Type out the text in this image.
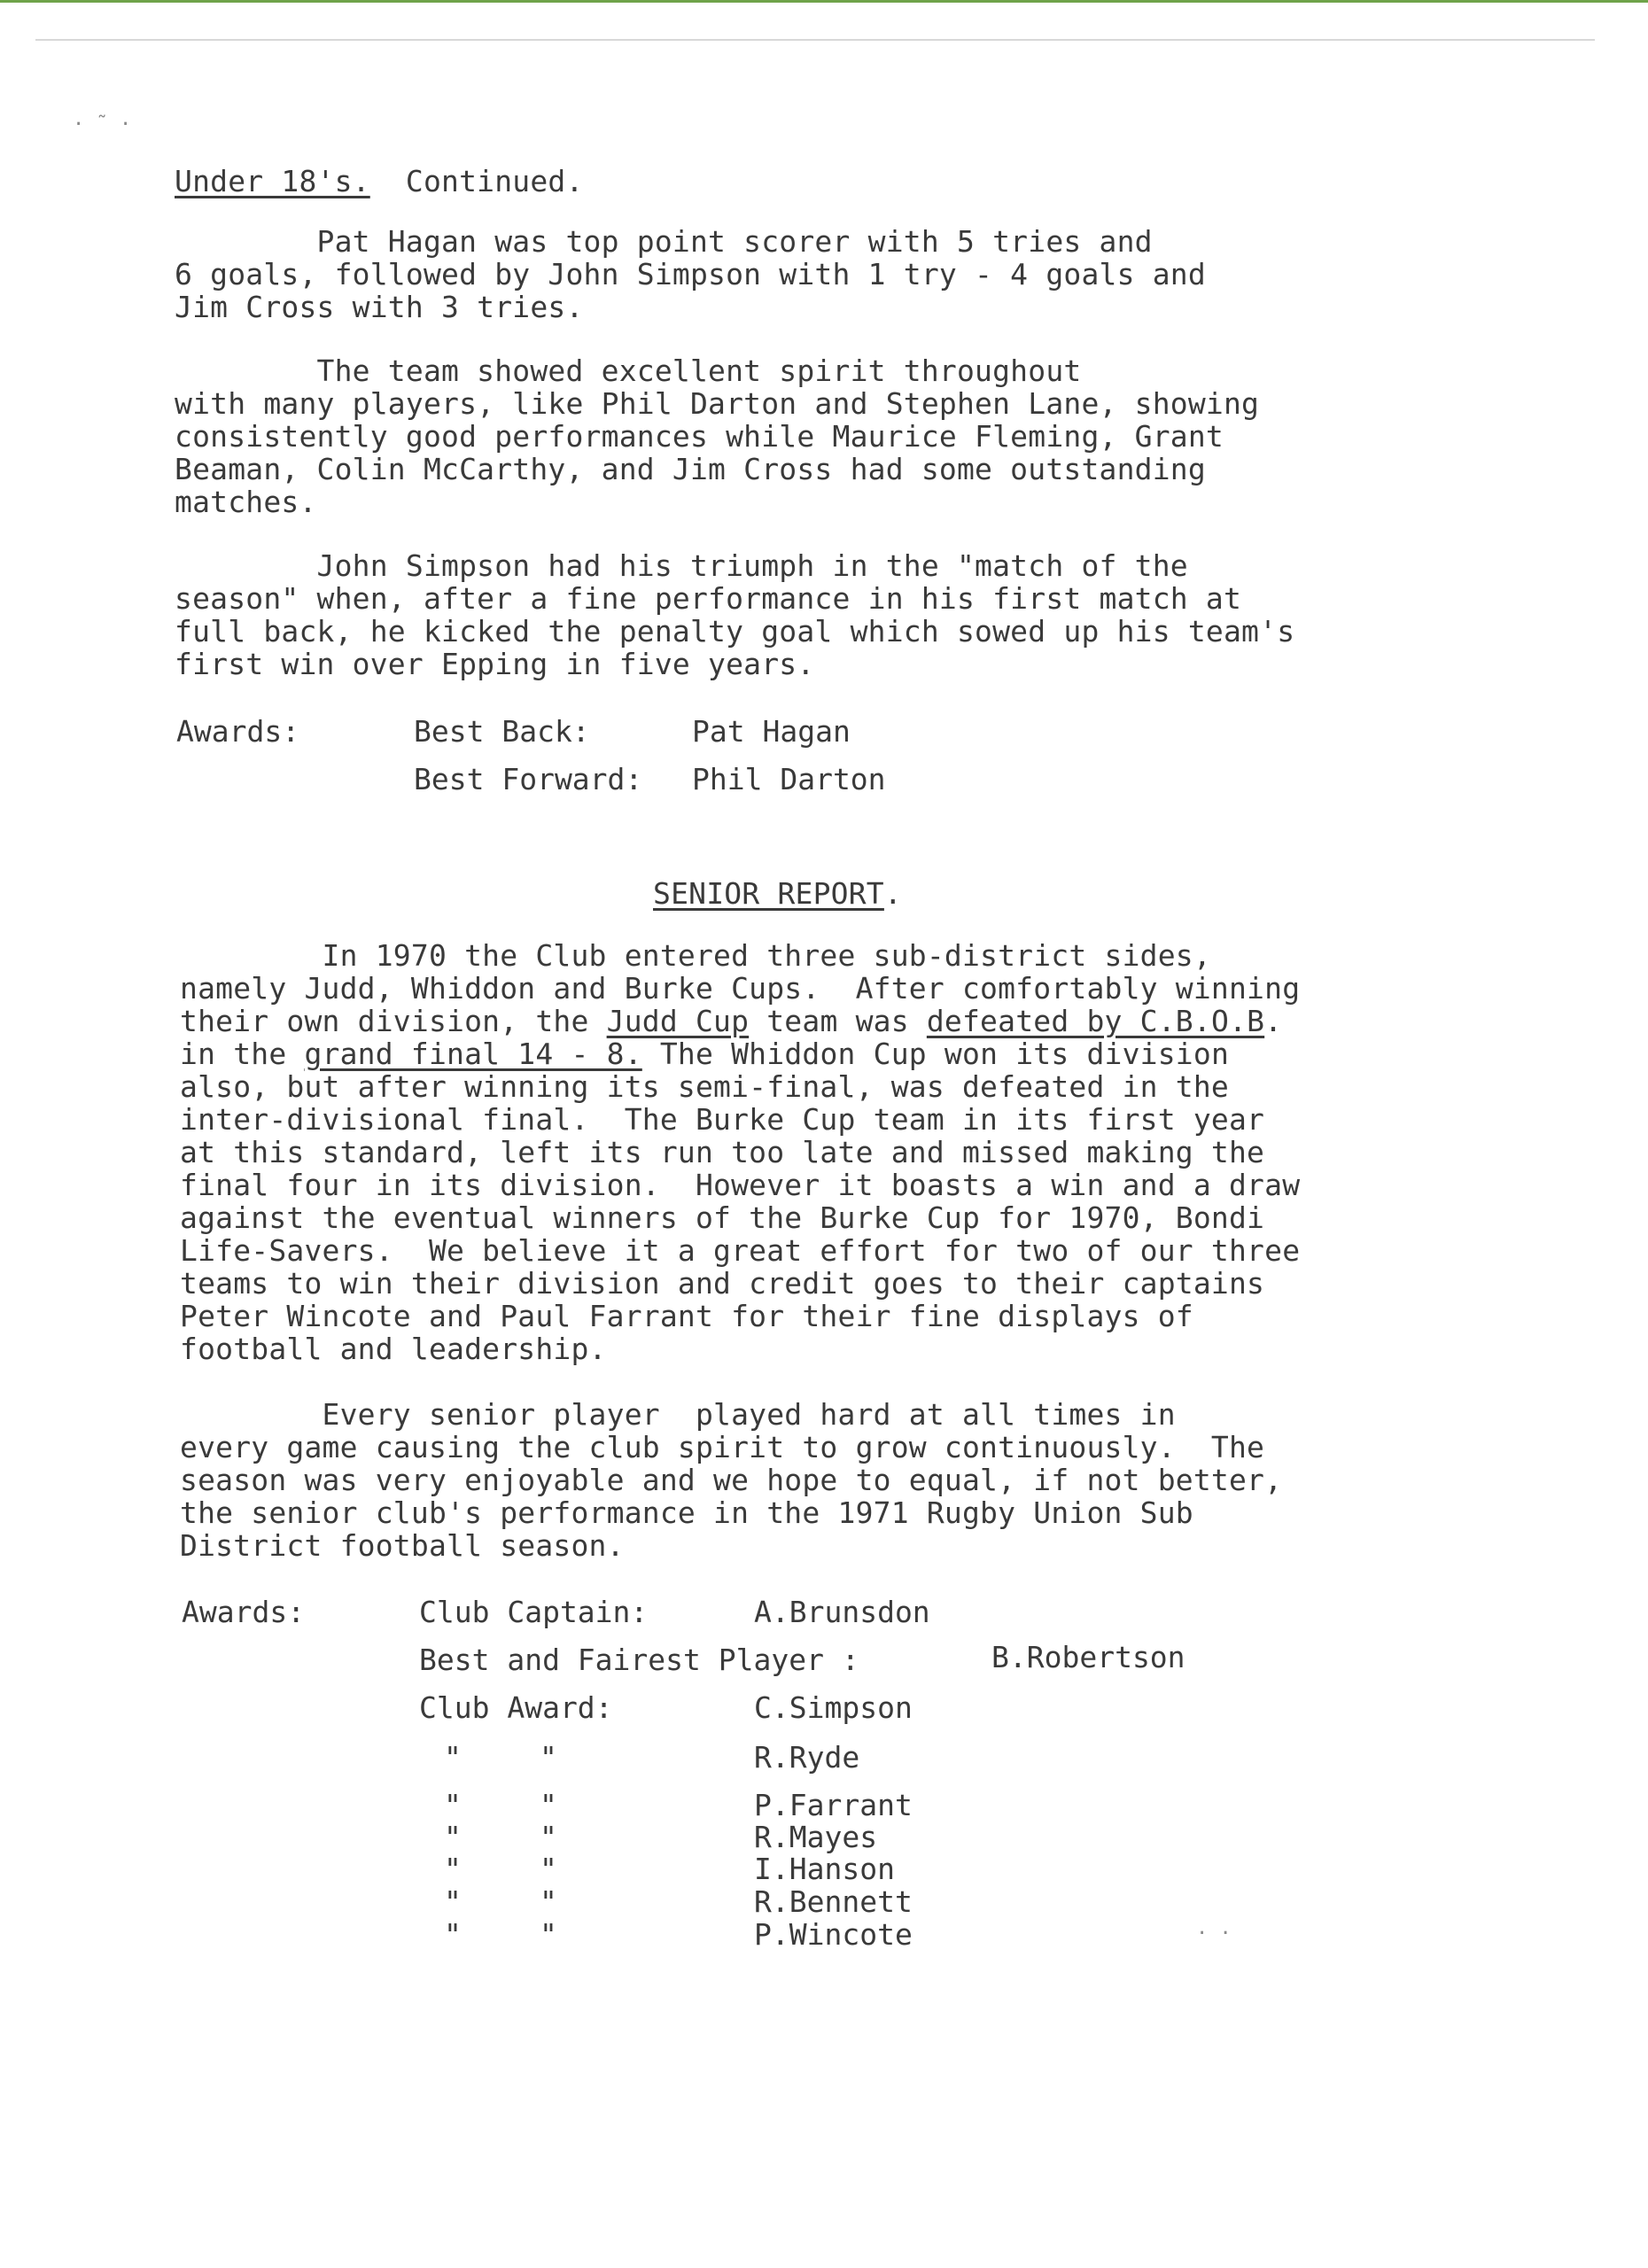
· ˜ ·
· ·
Under 18's. Continued.
Pat Hagan was top point scorer with 5 tries and
6 goals, followed by John Simpson with 1 try - 4 goals and
Jim Cross with 3 tries.
The team showed excellent spirit throughout
with many players, like Phil Darton and Stephen Lane, showing
consistently good performances while Maurice Fleming, Grant
Beaman, Colin McCarthy, and Jim Cross had some outstanding
matches.
John Simpson had his triumph in the "match of the
season" when, after a fine performance in his first match at
full back, he kicked the penalty goal which sowed up his team's
first win over Epping in five years.
Awards:	Best Back:	Pat Hagan
Best Forward: Phil Darton
SENIOR REPORT.
In 1970 the Club entered three sub-district sides,
namely Judd, Whiddon and Burke Cups.  After comfortably winning
their own division, the Judd Cup team was defeated by C.B.O.B.
in the grand final 14 - 8. The Whiddon Cup won its division
also, but after winning its semi-final, was defeated in the
inter-divisional final.  The Burke Cup team in its first year
at this standard, left its run too late and missed making the
final four in its division.  However it boasts a win and a draw
against the eventual winners of the Burke Cup for 1970, Bondi
Life-Savers.  We believe it a great effort for two of our three
teams to win their division and credit goes to their captains
Peter Wincote and Paul Farrant for their fine displays of
football and leadership.
Every senior player  played hard at all times in
every game causing the club spirit to grow continuously.  The
season was very enjoyable and we hope to equal, if not better,
the senior club's performance in the 1971 Rugby Union Sub
District football season.
Awards:	Club Captain:	A.Brunsdon
Best and Fairest Player :	B.Robertson
Club Award:	C.Simpson
"	"	R.Ryde
"	"	P.Farrant
"	"	R.Mayes
"	"	I.Hanson
"	"	R.Bennett
"	"	P.Wincote
